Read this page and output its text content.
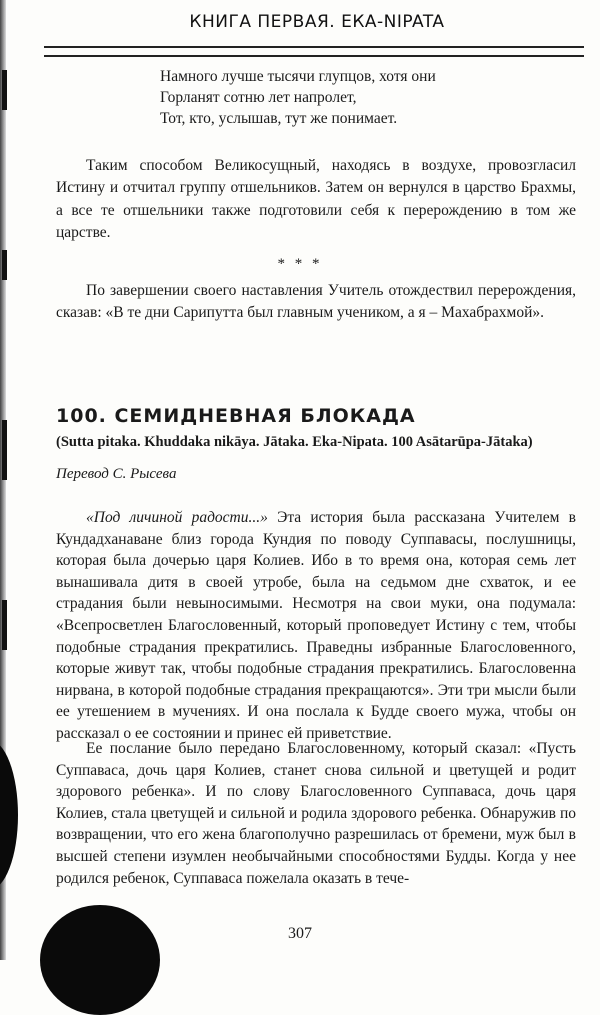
КНИГА ПЕРВАЯ. ЕКА-NIPATA
Намного лучше тысячи глупцов, хотя они
Горланят сотню лет напролет,
Тот, кто, услышав, тут же понимает.
Таким способом Великосущный, находясь в воздухе, провозгласил Истину и отчитал группу отшельников. Затем он вернулся в царство Брахмы, а все те отшельники также подготовили себя к перерождению в том же царстве.
* * *
По завершении своего наставления Учитель отождествил перерождения, сказав: «В те дни Сарипутта был главным учеником, а я – Махабрахмой».
100. СЕМИДНЕВНАЯ БЛОКАДА
(Sutta pitaka. Khuddaka nikāya. Jātaka. Eka-Nipata. 100 Asātarūpa-Jātaka)
Перевод С. Рысева
«Под личиной радости...» Эта история была рассказана Учителем в Кундадханаване близ города Кундия по поводу Суппавасы, послушницы, которая была дочерью царя Колиев. Ибо в то время она, которая семь лет вынашивала дитя в своей утробе, была на седьмом дне схваток, и ее страдания были невыносимыми. Несмотря на свои муки, она подумала: «Всепросветлен Благословенный, который проповедует Истину с тем, чтобы подобные страдания прекратились. Праведны избранные Благословенного, которые живут так, чтобы подобные страдания прекратились. Благословенна нирвана, в которой подобные страдания прекращаются». Эти три мысли были ее утешением в мучениях. И она послала к Будде своего мужа, чтобы он рассказал о ее состоянии и принес ей приветствие.
Ее послание было передано Благословенному, который сказал: «Пусть Суппаваса, дочь царя Колиев, станет снова сильной и цветущей и родит здорового ребенка». И по слову Благословенного Суппаваса, дочь царя Колиев, стала цветущей и сильной и родила здорового ребенка. Обнаружив по возвращении, что его жена благополучно разрешилась от бремени, муж был в высшей степени изумлен необычайными способностями Будды. Когда у нее родился ребенок, Суппаваса пожелала оказать в тече-
307
